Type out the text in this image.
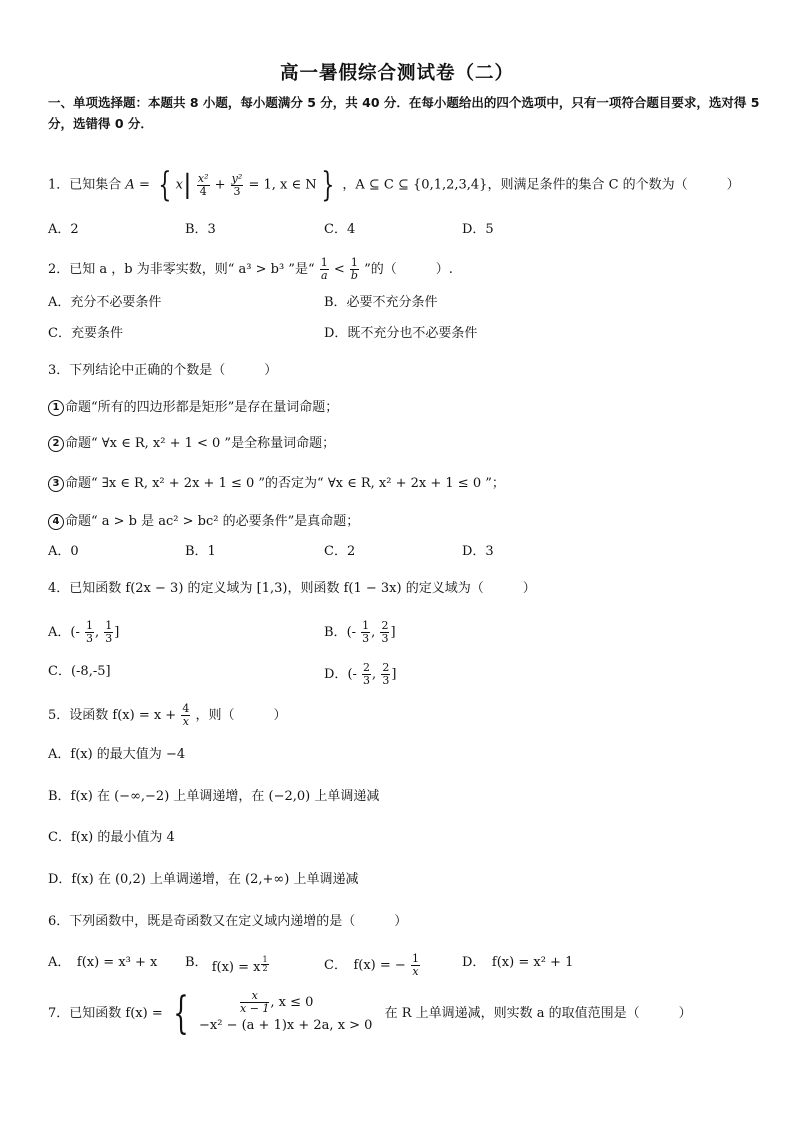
高一暑假综合测试卷（二）
一、单项选择题：本题共 8 小题，每小题满分 5 分，共 40 分．在每小题给出的四个选项中，只有一项符合题目要求，选对得 5 分，选错得 0 分．
1．已知集合 A = { $x| \frac{\text{x²}}{4} + \frac{\text{y²}}{3} = 1$, x ∈ N } ，A ⊆ C ⊆ {0,1,2,3,4}，则满足条件的集合 C 的个数为（　　　）
A．2	B．3	C．4	D．5
2．已知 a ，b 为非零实数，则“ a³ > b³ ”是“ $\frac{1}{a} < \frac{1}{b}$ ”的（　　　）.
A．充分不必要条件	B．必要不充分条件
C．充要条件	D．既不充分也不必要条件
3．下列结论中正确的个数是（　　　）
1 命题“所有的四边形都是矩形”是存在量词命题；
2 命题“ ∀x ∈ R, x² + 1 < 0 ”是全称量词命题；
3 命题“ ∃x ∈ R, x² + 2x + 1 ≤ 0 ”的否定为“ ∀x ∈ R, x² + 2x + 1 ≤ 0 ”；
4 命题“ a > b 是 ac² > bc² 的必要条件”是真命题；
A．0	B．1	C．2	D．3
4．已知函数 f(2x − 3) 的定义域为 [1,3)，则函数 f(1 − 3x) 的定义域为（　　　）
A．(- $\frac{1}{3}$ , $\frac{1}{3}$ ]	B．(- $\frac{1}{3}$ , $\frac{2}{3}$ ]
C．(-8,-5]	D．(- $\frac{2}{3}$ , $\frac{2}{3}$ ]
5．设函数 $f(x) = x + \frac{4}{x}$ ，则（　　　）
A．f(x) 的最大值为 −4
B．f(x) 在 (−∞,−2) 上单调递增，在 (−2,0) 上单调递减
C．f(x) 的最小值为 4
D．f(x) 在 (0,2) 上单调递增，在 (2,+∞) 上单调递减
6．下列函数中，既是奇函数又在定义域内递增的是（　　　）
A．　f(x) = x³ + x B． f(x) = x $\frac{1}{2}$	C．　f(x) = − $\frac{1}{x}$	D．　f(x) = x² + 1
7．已知函数 f(x) = {	$\frac{x}{x - 1}$ , x ≤ 0
−x² − (a + 1)x + 2a, x > 0
在 R 上单调递减，则实数 a 的取值范围是（　　　）
